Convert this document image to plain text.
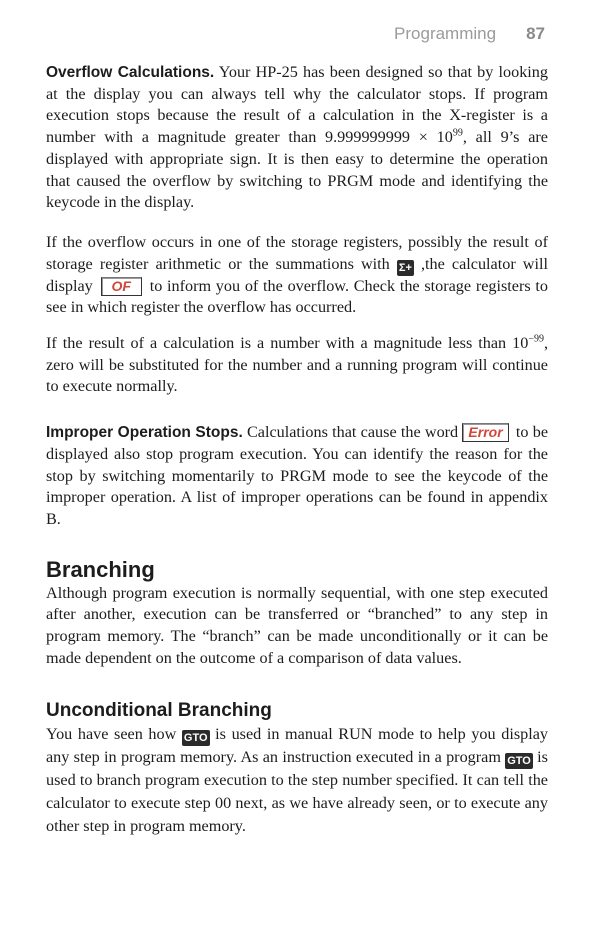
Programming 87

Overflow Calculations. Your HP-25 has been designed so that by looking at the display you can always tell why the calculator stops. If program execution stops because the result of a calculation in the X-register is a number with a magnitude greater than $9.999999999 \times 10^{99}$, all 9’s are displayed with appropriate sign. It is then easy to determine the operation that caused the overflow by switching to PRGM mode and identifying the keycode in the display.

If the overflow occurs in one of the storage registers, possibly the result of storage register arithmetic or the summations with Σ+ ,the calculator will display OF to inform you of the overflow. Check the storage registers to see in which register the overflow has occurred.

If the result of a calculation is a number with a magnitude less than $10^{-99}$, zero will be substituted for the number and a running program will continue to execute normally.

Improper Operation Stops. Calculations that cause the word Error to be displayed also stop program execution. You can identify the reason for the stop by switching momentarily to PRGM mode to see the keycode of the improper operation. A list of improper operations can be found in appendix B.

Branching

Although program execution is normally sequential, with one step executed after another, execution can be transferred or “branched” to any step in program memory. The “branch” can be made unconditionally or it can be made dependent on the outcome of a comparison of data values.

Unconditional Branching

You have seen how GTO is used in manual RUN mode to help you display any step in program memory. As an instruction executed in a program GTO is used to branch program execution to the step number specified. It can tell the calculator to execute step 00 next, as we have already seen, or to execute any other step in program memory.
